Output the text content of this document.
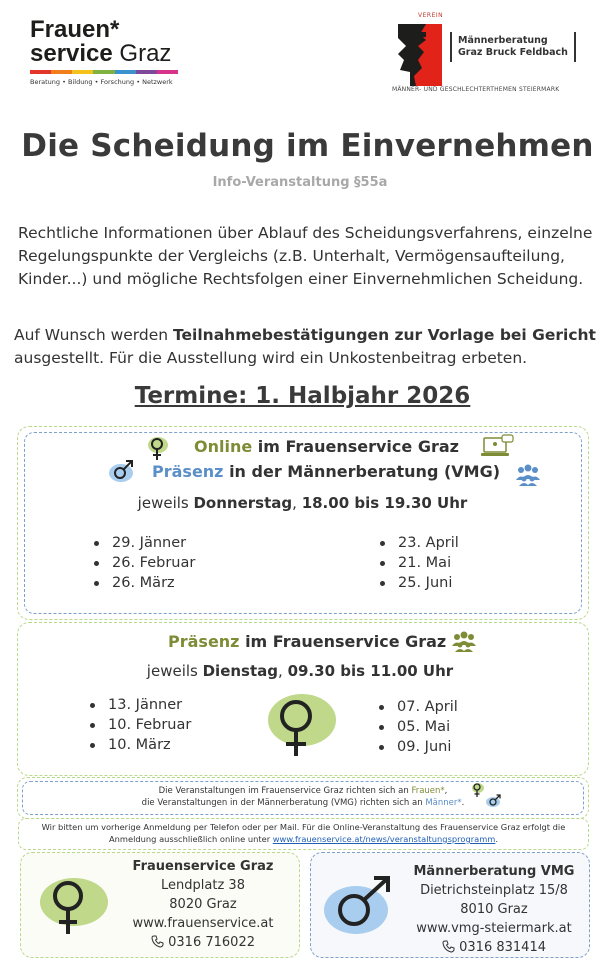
Frauen*
service Graz
Beratung • Bildung • Forschung • Netzwerk
VEREIN
Männerberatung
Graz Bruck Feldbach
MÄNNER- UND GESCHLECHTERTHEMEN STEIERMARK
Die Scheidung im Einvernehmen
Info-Veranstaltung §55a
Rechtliche Informationen über Ablauf des Scheidungsverfahrens, einzelne Regelungspunkte der Vergleichs (z.B. Unterhalt, Vermögensaufteilung, Kinder...) und mögliche Rechtsfolgen einer Einvernehmlichen Scheidung.
Auf Wunsch werden Teilnahmebestätigungen zur Vorlage bei Gericht ausgestellt. Für die Ausstellung wird ein Unkostenbeitrag erbeten.
Termine: 1. Halbjahr 2026
Online im Frauenservice Graz
Präsenz in der Männerberatung (VMG)
jeweils Donnerstag, 18.00 bis 19.30 Uhr
29. Jänner
26. Februar
26. März
23. April
21. Mai
25. Juni
Präsenz im Frauenservice Graz
jeweils Dienstag, 09.30 bis 11.00 Uhr
13. Jänner
10. Februar
10. März
07. April
05. Mai
09. Juni
Die Veranstaltungen im Frauenservice Graz richten sich an Frauen*,
die Veranstaltungen in der Männerberatung (VMG) richten sich an Männer*.
Wir bitten um vorherige Anmeldung per Telefon oder per Mail. Für die Online-Veranstaltung des Frauenservice Graz erfolgt die Anmeldung ausschließlich online unter www.frauenservice.at/news/veranstaltungsprogramm.
Frauenservice Graz
Lendplatz 38
8020 Graz
www.frauenservice.at
0316 716022
Männerberatung VMG
Dietrichsteinplatz 15/8
8010 Graz
www.vmg-steiermark.at
0316 831414
